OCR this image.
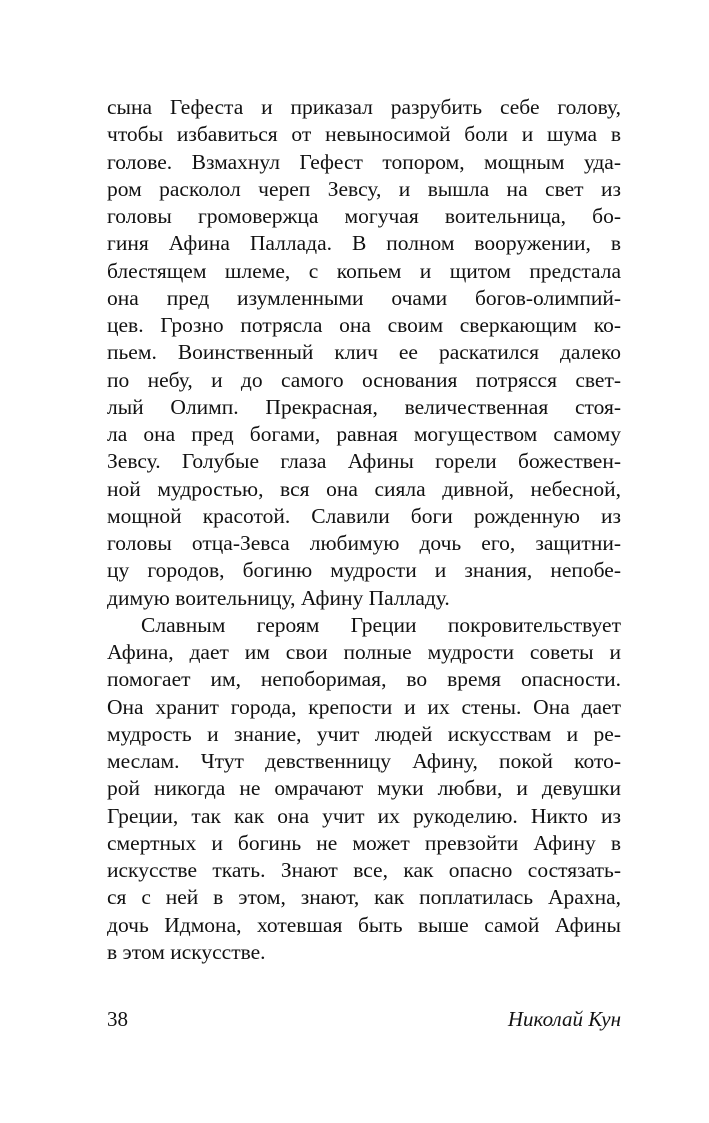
сына Гефеста и приказал разрубить себе голову,
чтобы избавиться от невыносимой боли и шума в
голове. Взмахнул Гефест топором, мощным уда-
ром расколол череп Зевсу, и вышла на свет из
головы громовержца могучая воительница, бо-
гиня Афина Паллада. В полном вооружении, в
блестящем шлеме, с копьем и щитом предстала
она пред изумленными очами богов-олимпий-
цев. Грозно потрясла она своим сверкающим ко-
пьем. Воинственный клич ее раскатился далеко
по небу, и до самого основания потрясся свет-
лый Олимп. Прекрасная, величественная стоя-
ла она пред богами, равная могуществом самому
Зевсу. Голубые глаза Афины горели божествен-
ной мудростью, вся она сияла дивной, небесной,
мощной красотой. Славили боги рожденную из
головы отца-Зевса любимую дочь его, защитни-
цу городов, богиню мудрости и знания, непобе-
димую воительницу, Афину Палладу.
Славным героям Греции покровительствует
Афина, дает им свои полные мудрости советы и
помогает им, непоборимая, во время опасности.
Она хранит города, крепости и их стены. Она дает
мудрость и знание, учит людей искусствам и ре-
меслам. Чтут девственницу Афину, покой кото-
рой никогда не омрачают муки любви, и девушки
Греции, так как она учит их рукоделию. Никто из
смертных и богинь не может превзойти Афину в
искусстве ткать. Знают все, как опасно состязать-
ся с ней в этом, знают, как поплатилась Арахна,
дочь Идмона, хотевшая быть выше самой Афины
в этом искусстве.
38	Николай Кун
